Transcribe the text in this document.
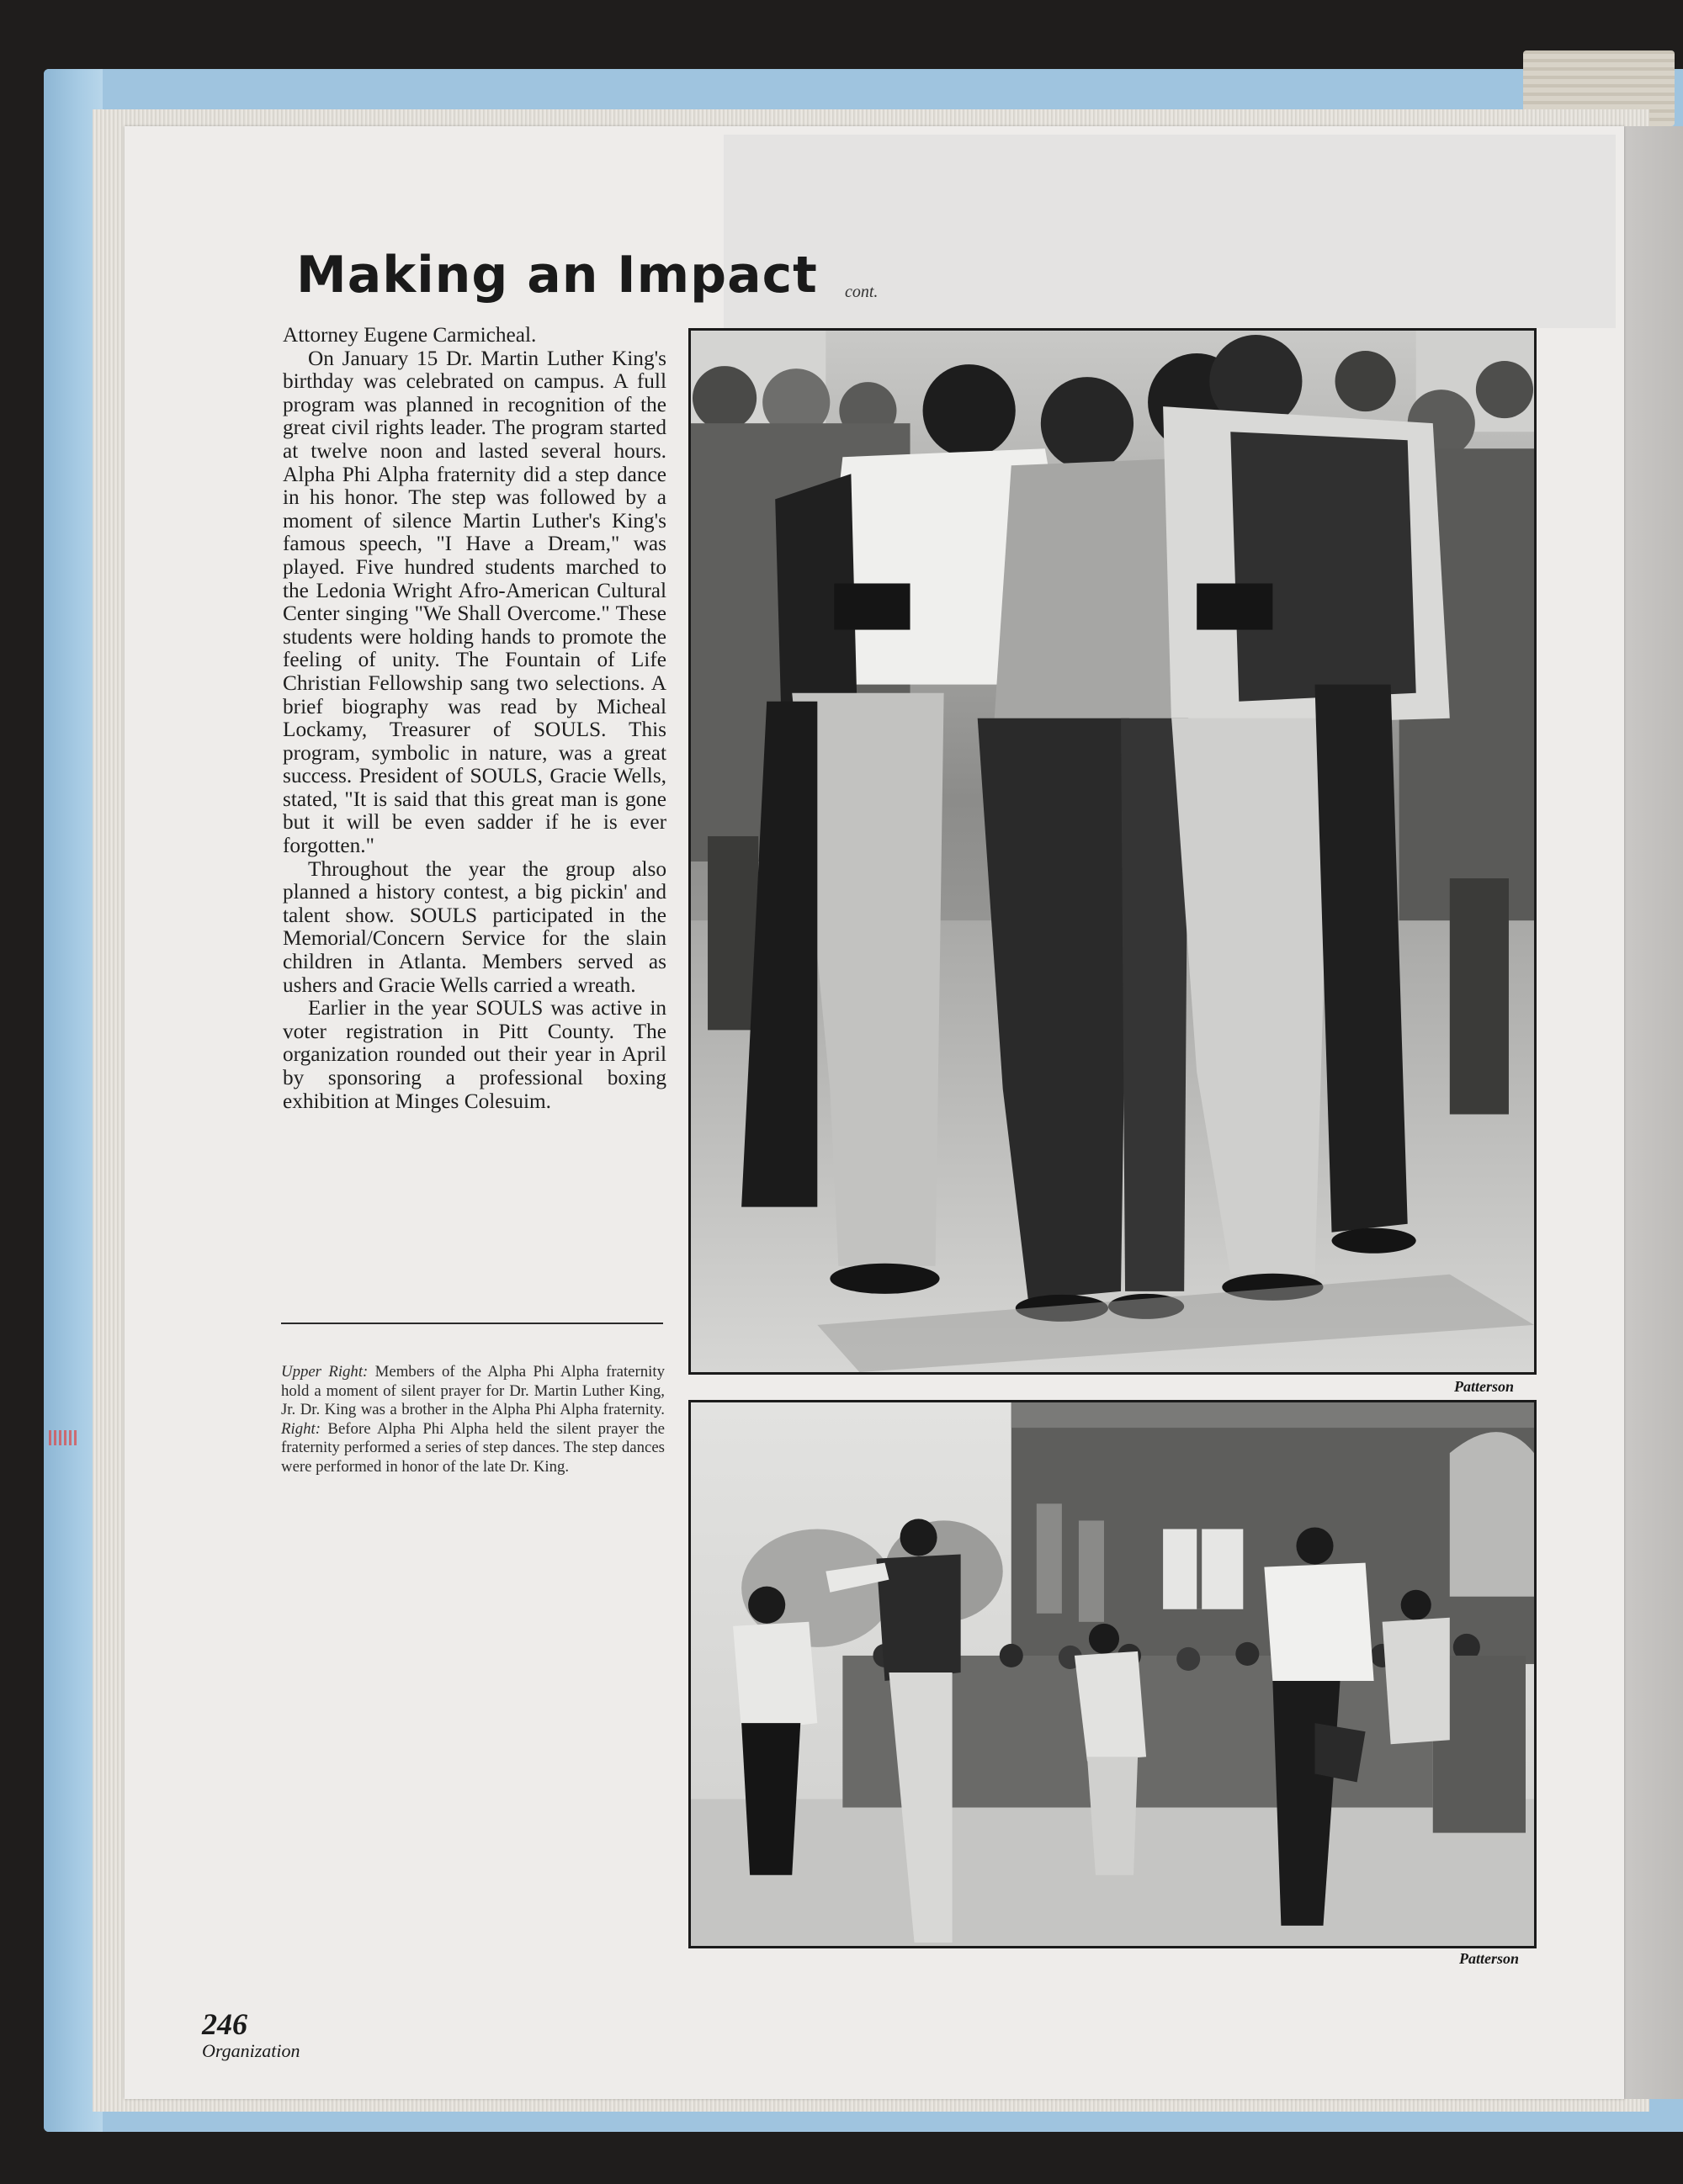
Making an Impact cont.

Attorney Eugene Carmicheal.

On January 15 Dr. Martin Luther King's birthday was celebrated on campus. A full program was planned in recognition of the great civil rights leader. The program started at twelve noon and lasted several hours. Alpha Phi Alpha fraternity did a step dance in his honor. The step was followed by a moment of silence Martin Luther's King's famous speech, "I Have a Dream," was played. Five hundred students marched to the Ledonia Wright Afro-American Cultural Center singing "We Shall Overcome." These students were holding hands to promote the feeling of unity. The Fountain of Life Christian Fellowship sang two selections. A brief biography was read by Micheal Lockamy, Treasurer of SOULS. This program, symbolic in nature, was a great success. President of SOULS, Gracie Wells, stated, "It is said that this great man is gone but it will be even sadder if he is ever forgotten."

Throughout the year the group also planned a history contest, a big pickin' and talent show. SOULS participated in the Memorial/Concern Service for the slain children in Atlanta. Members served as ushers and Gracie Wells carried a wreath.

Earlier in the year SOULS was active in voter registration in Pitt County. The organization rounded out their year in April by sponsoring a professional boxing exhibition at Minges Colesuim.

Upper Right: Members of the Alpha Phi Alpha fraternity hold a moment of silent prayer for Dr. Martin Luther King, Jr. Dr. King was a brother in the Alpha Phi Alpha fraternity. Right: Before Alpha Phi Alpha held the silent prayer the fraternity performed a series of step dances. The step dances were performed in honor of the late Dr. King.
Patterson
Patterson
246
Organization
